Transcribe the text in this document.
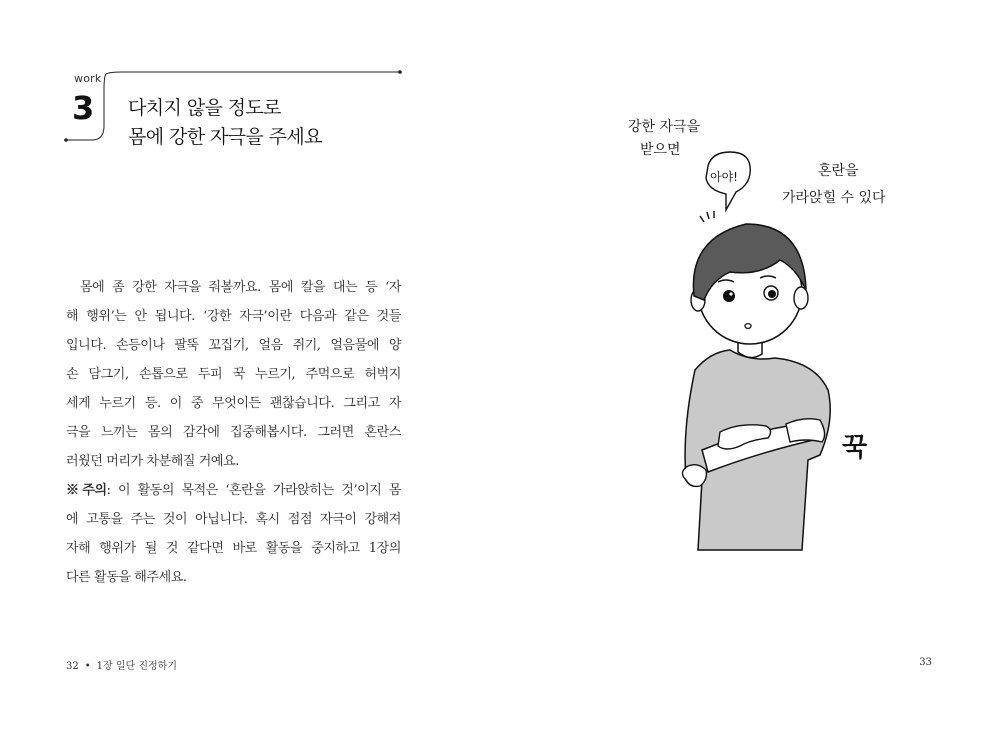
work
3 다치지 않을 정도로
몸에 강한 자극을 주세요
몸에 좀 강한 자극을 줘볼까요. 몸에 칼을 대는 등 ‘자
해 행위’는 안 됩니다. ‘강한 자극’이란 다음과 같은 것들
입니다. 손등이나 팔뚝 꼬집기, 얼음 쥐기, 얼음물에 양
손 담그기, 손톱으로 두피 꾹 누르기, 주먹으로 허벅지
세게 누르기 등. 이 중 무엇이든 괜찮습니다. 그리고 자
극을 느끼는 몸의 감각에 집중해봅시다. 그러면 혼란스
러웠던 머리가 차분해질 거예요.
※주의: 이 활동의 목적은 ‘혼란을 가라앉히는 것’이지 몸
에 고통을 주는 것이 아닙니다. 혹시 점점 자극이 강해져
자해 행위가 될 것 같다면 바로 활동을 중지하고 1장의
다른 활동을 해주세요.
32 • 1장 일단 진정하기	33
강한 자극을
받으면
혼란을
가라앉힐 수 있다
아야!
꾹
